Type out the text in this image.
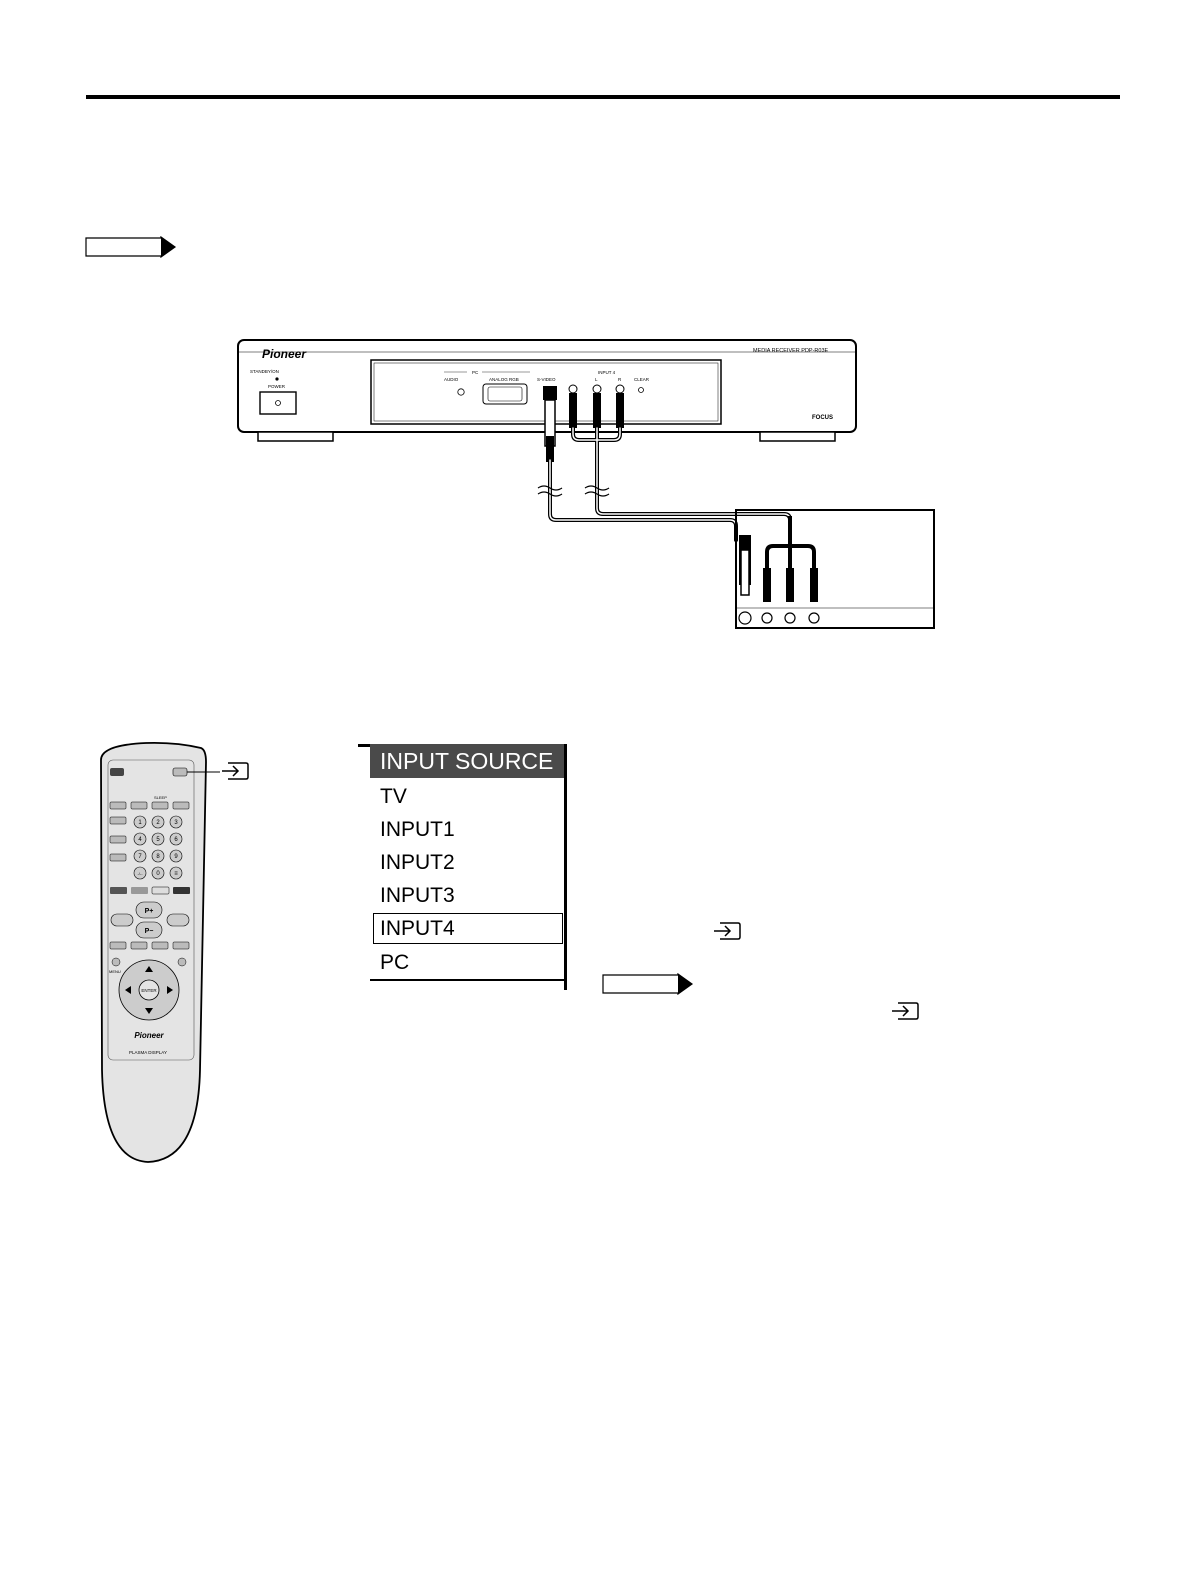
Pioneer	MEDIA RECEIVER PDP-R03E
STANDBY/ON
POWER
PC
AUDIO	ANALOG RGB	S-VIDEO
INPUT 4
L	R	CLEAR
FOCUS
SLEEP
1 2 3
4 5 6
7 8 9
-/-- 0 ≡
P+
P−
MENU
ENTER
Pioneer
PLASMA DISPLAY
INPUT SOURCE
TV
INPUT1
INPUT2
INPUT3
INPUT4
PC
